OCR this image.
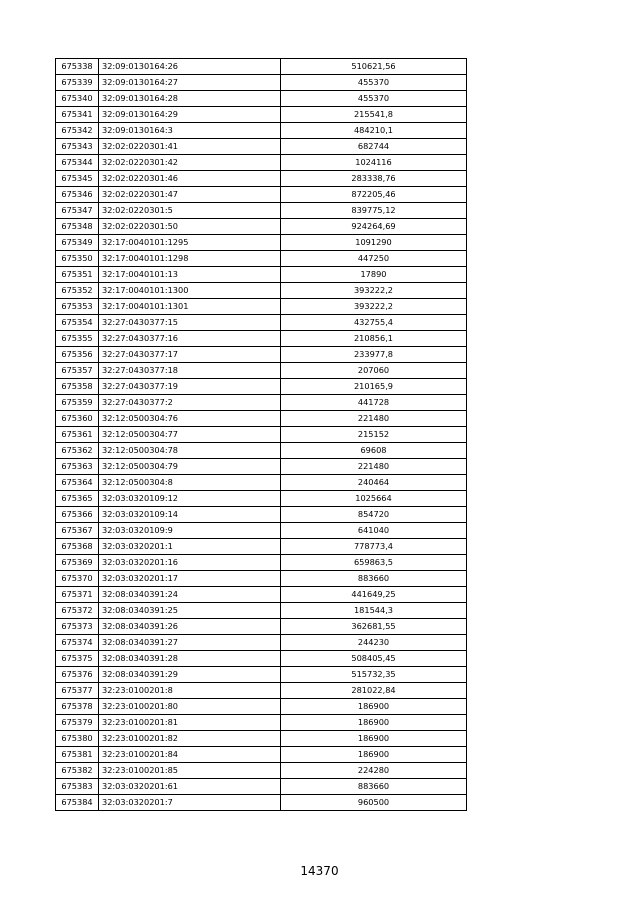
675338	32:09:0130164:26	510621,56
675339	32:09:0130164:27	455370
675340	32:09:0130164:28	455370
675341	32:09:0130164:29	215541,8
675342	32:09:0130164:3	484210,1
675343	32:02:0220301:41	682744
675344	32:02:0220301:42	1024116
675345	32:02:0220301:46	283338,76
675346	32:02:0220301:47	872205,46
675347	32:02:0220301:5	839775,12
675348	32:02:0220301:50	924264,69
675349	32:17:0040101:1295	1091290
675350	32:17:0040101:1298	447250
675351	32:17:0040101:13	17890
675352	32:17:0040101:1300	393222,2
675353	32:17:0040101:1301	393222,2
675354	32:27:0430377:15	432755,4
675355	32:27:0430377:16	210856,1
675356	32:27:0430377:17	233977,8
675357	32:27:0430377:18	207060
675358	32:27:0430377:19	210165,9
675359	32:27:0430377:2	441728
675360	32:12:0500304:76	221480
675361	32:12:0500304:77	215152
675362	32:12:0500304:78	69608
675363	32:12:0500304:79	221480
675364	32:12:0500304:8	240464
675365	32:03:0320109:12	1025664
675366	32:03:0320109:14	854720
675367	32:03:0320109:9	641040
675368	32:03:0320201:1	778773,4
675369	32:03:0320201:16	659863,5
675370	32:03:0320201:17	883660
675371	32:08:0340391:24	441649,25
675372	32:08:0340391:25	181544,3
675373	32:08:0340391:26	362681,55
675374	32:08:0340391:27	244230
675375	32:08:0340391:28	508405,45
675376	32:08:0340391:29	515732,35
675377	32:23:0100201:8	281022,84
675378	32:23:0100201:80	186900
675379	32:23:0100201:81	186900
675380	32:23:0100201:82	186900
675381	32:23:0100201:84	186900
675382	32:23:0100201:85	224280
675383	32:03:0320201:61	883660
675384	32:03:0320201:7	960500
14370
